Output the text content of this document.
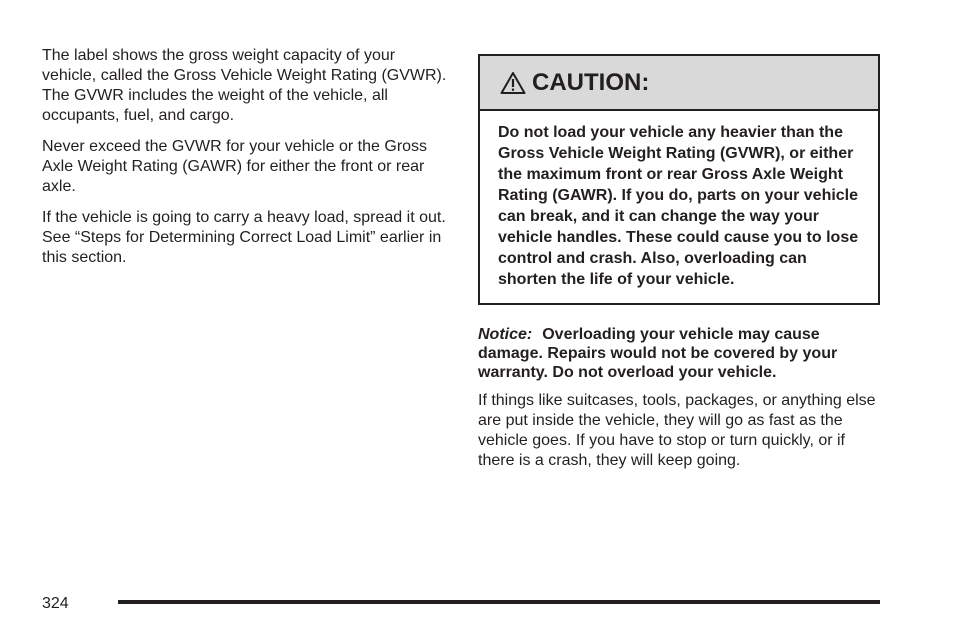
The label shows the gross weight capacity of your vehicle, called the Gross Vehicle Weight Rating (GVWR). The GVWR includes the weight of the vehicle, all occupants, fuel, and cargo.

Never exceed the GVWR for your vehicle or the Gross Axle Weight Rating (GAWR) for either the front or rear axle.

If the vehicle is going to carry a heavy load, spread it out. See “Steps for Determining Correct Load Limit” earlier in this section.

CAUTION:
Do not load your vehicle any heavier than the Gross Vehicle Weight Rating (GVWR), or either the maximum front or rear Gross Axle Weight Rating (GAWR). If you do, parts on your vehicle can break, and it can change the way your vehicle handles. These could cause you to lose control and crash. Also, overloading can shorten the life of your vehicle.

Notice: Overloading your vehicle may cause damage. Repairs would not be covered by your warranty. Do not overload your vehicle.

If things like suitcases, tools, packages, or anything else are put inside the vehicle, they will go as fast as the vehicle goes. If you have to stop or turn quickly, or if there is a crash, they will keep going.

324
